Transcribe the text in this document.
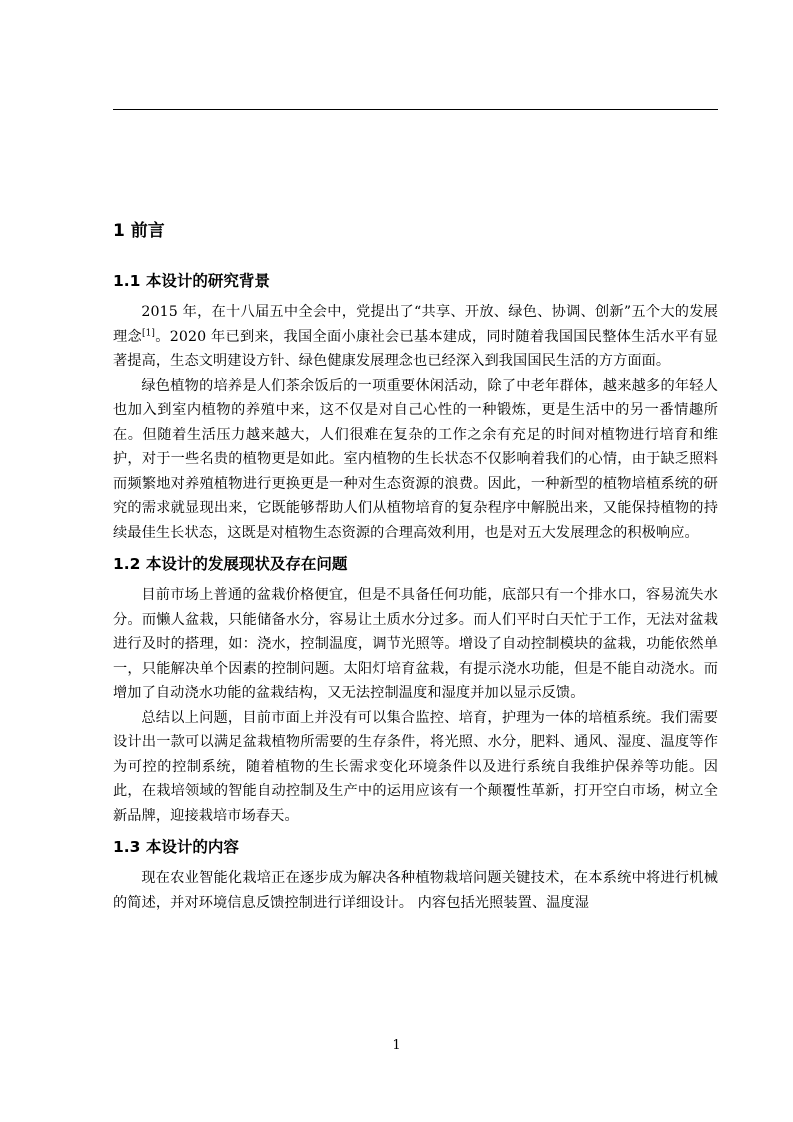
1 前言
1.1 本设计的研究背景

2015 年，在十八届五中全会中，党提出了“共享、开放、绿色、协调、创新”五个大的发展理念[1]。2020 年已到来，我国全面小康社会已基本建成，同时随着我国国民整体生活水平有显著提高，生态文明建设方针、绿色健康发展理念也已经深入到我国国民生活的方方面面。

绿色植物的培养是人们茶余饭后的一项重要休闲活动，除了中老年群体，越来越多的年轻人也加入到室内植物的养殖中来，这不仅是对自己心性的一种锻炼，更是生活中的另一番情趣所在。但随着生活压力越来越大，人们很难在复杂的工作之余有充足的时间对植物进行培育和维护，对于一些名贵的植物更是如此。室内植物的生长状态不仅影响着我们的心情，由于缺乏照料而频繁地对养殖植物进行更换更是一种对生态资源的浪费。因此，一种新型的植物培植系统的研究的需求就显现出来，它既能够帮助人们从植物培育的复杂程序中解脱出来，又能保持植物的持续最佳生长状态，这既是对植物生态资源的合理高效利用，也是对五大发展理念的积极响应。

1.2 本设计的发展现状及存在问题

目前市场上普通的盆栽价格便宜，但是不具备任何功能，底部只有一个排水口，容易流失水分。而懒人盆栽，只能储备水分，容易让土质水分过多。而人们平时白天忙于工作，无法对盆栽进行及时的搭理，如：浇水，控制温度，调节光照等。增设了自动控制模块的盆栽，功能依然单一，只能解决单个因素的控制问题。太阳灯培育盆栽，有提示浇水功能，但是不能自动浇水。而增加了自动浇水功能的盆栽结构，又无法控制温度和湿度并加以显示反馈。

总结以上问题，目前市面上并没有可以集合监控、培育，护理为一体的培植系统。我们需要设计出一款可以满足盆栽植物所需要的生存条件，将光照、水分，肥料、通风、湿度、温度等作为可控的控制系统，随着植物的生长需求变化环境条件以及进行系统自我维护保养等功能。因此，在栽培领域的智能自动控制及生产中的运用应该有一个颠覆性革新，打开空白市场，树立全新品牌，迎接栽培市场春天。

1.3 本设计的内容

现在农业智能化栽培正在逐步成为解决各种植物栽培问题关键技术，在本系统中将进行机械的简述，并对环境信息反馈控制进行详细设计。 内容包括光照装置、温度湿

1
